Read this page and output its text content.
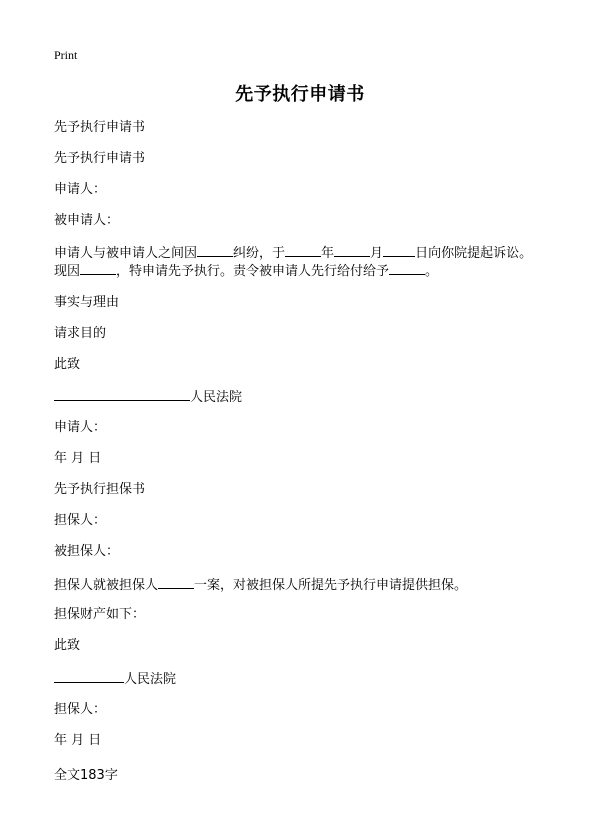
Print
先予执行申请书

先予执行申请书

先予执行申请书

申请人：

被申请人：

申请人与被申请人之间因	纠纷，于	年	月 日向你院提起诉讼。

现因	，特申请先予执行。责令被申请人先行给付给予	。

事实与理由

请求目的

此致

人民法院

申请人：

年 月 日

先予执行担保书

担保人：

被担保人：

担保人就被担保人	一案，对被担保人所提先予执行申请提供担保。

担保财产如下：

此致

人民法院

担保人：

年 月 日

全文183字
